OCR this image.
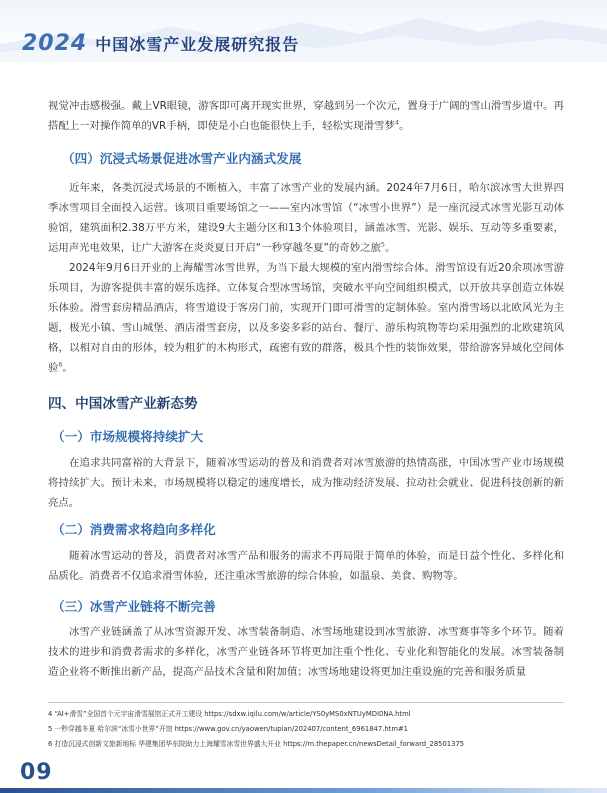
2024 中国冰雪产业发展研究报告

视觉冲击感极强。戴上VR眼镜，游客即可离开现实世界，穿越到另一个次元，置身于广阔的雪山滑雪步道中。再搭配上一对操作简单的VR手柄，即使是小白也能很快上手，轻松实现滑雪梦$^4$。

（四）沉浸式场景促进冰雪产业内涵式发展

近年来，各类沉浸式场景的不断植入，丰富了冰雪产业的发展内涵。2024年7月6日，哈尔滨冰雪大世界四季冰雪项目全面投入运营。该项目重要场馆之一——室内冰雪馆（“冰雪小世界”）是一座沉浸式冰雪光影互动体验馆，建筑面积2.38万平方米，建设9大主题分区和13个体验项目，涵盖冰雪、光影、娱乐、互动等多重要素，运用声光电效果，让广大游客在炎炎夏日开启“一秒穿越冬夏”的奇妙之旅$^5$。

2024年9月6日开业的上海耀雪冰雪世界，为当下最大规模的室内滑雪综合体。滑雪馆设有近20余项冰雪游乐项目，为游客提供丰富的娱乐选择。立体复合型冰雪场馆，突破水平向空间组织模式，以开放共享创造立体娱乐体验。滑雪套房精品酒店，将雪道设于客房门前，实现开门即可滑雪的定制体验。室内滑雪场以北欧风光为主题，极光小镇、雪山城堡、酒店滑雪套房，以及多姿多彩的站台、餐厅、游乐构筑物等均采用强烈的北欧建筑风格，以相对自由的形体，较为粗犷的木构形式，疏密有致的群落，极具个性的装饰效果，带给游客异域化空间体验$^6$。

四、中国冰雪产业新态势
（一）市场规模将持续扩大

在追求共同富裕的大背景下，随着冰雪运动的普及和消费者对冰雪旅游的热情高涨，中国冰雪产业市场规模将持续扩大。预计未来，市场规模将以稳定的速度增长，成为推动经济发展、拉动社会就业、促进科技创新的新亮点。

（二）消费需求将趋向多样化

随着冰雪运动的普及，消费者对冰雪产品和服务的需求不再局限于简单的体验，而是日益个性化、多样化和品质化。消费者不仅追求滑雪体验，还注重冰雪旅游的综合体验，如温泉、美食、购物等。

（三）冰雪产业链将不断完善

冰雪产业链涵盖了从冰雪资源开发、冰雪装备制造、冰雪场地建设到冰雪旅游、冰雪赛事等多个环节。随着技术的进步和消费者需求的多样化，冰雪产业链各环节将更加注重个性化、专业化和智能化的发展。冰雪装备制造企业将不断推出新产品，提高产品技术含量和附加值；冰雪场地建设将更加注重设施的完善和服务质量

4 “AI+滑雪”全国首个元宇宙滑雪展馆正式开工建设 https://sdxw.iqilu.com/w/article/YS0yMS0xNTUyMDI0NA.html
5 一秒穿越冬夏 哈尔滨“冰雪小世界”开馆 https://www.gov.cn/yaowen/tupian/202407/content_6961847.htm#1
6 打造沉浸式创新文旅新地标 华建集团华东院助力上海耀雪冰雪世界盛大开业 https://m.thepaper.cn/newsDetail_forward_28501375
09
